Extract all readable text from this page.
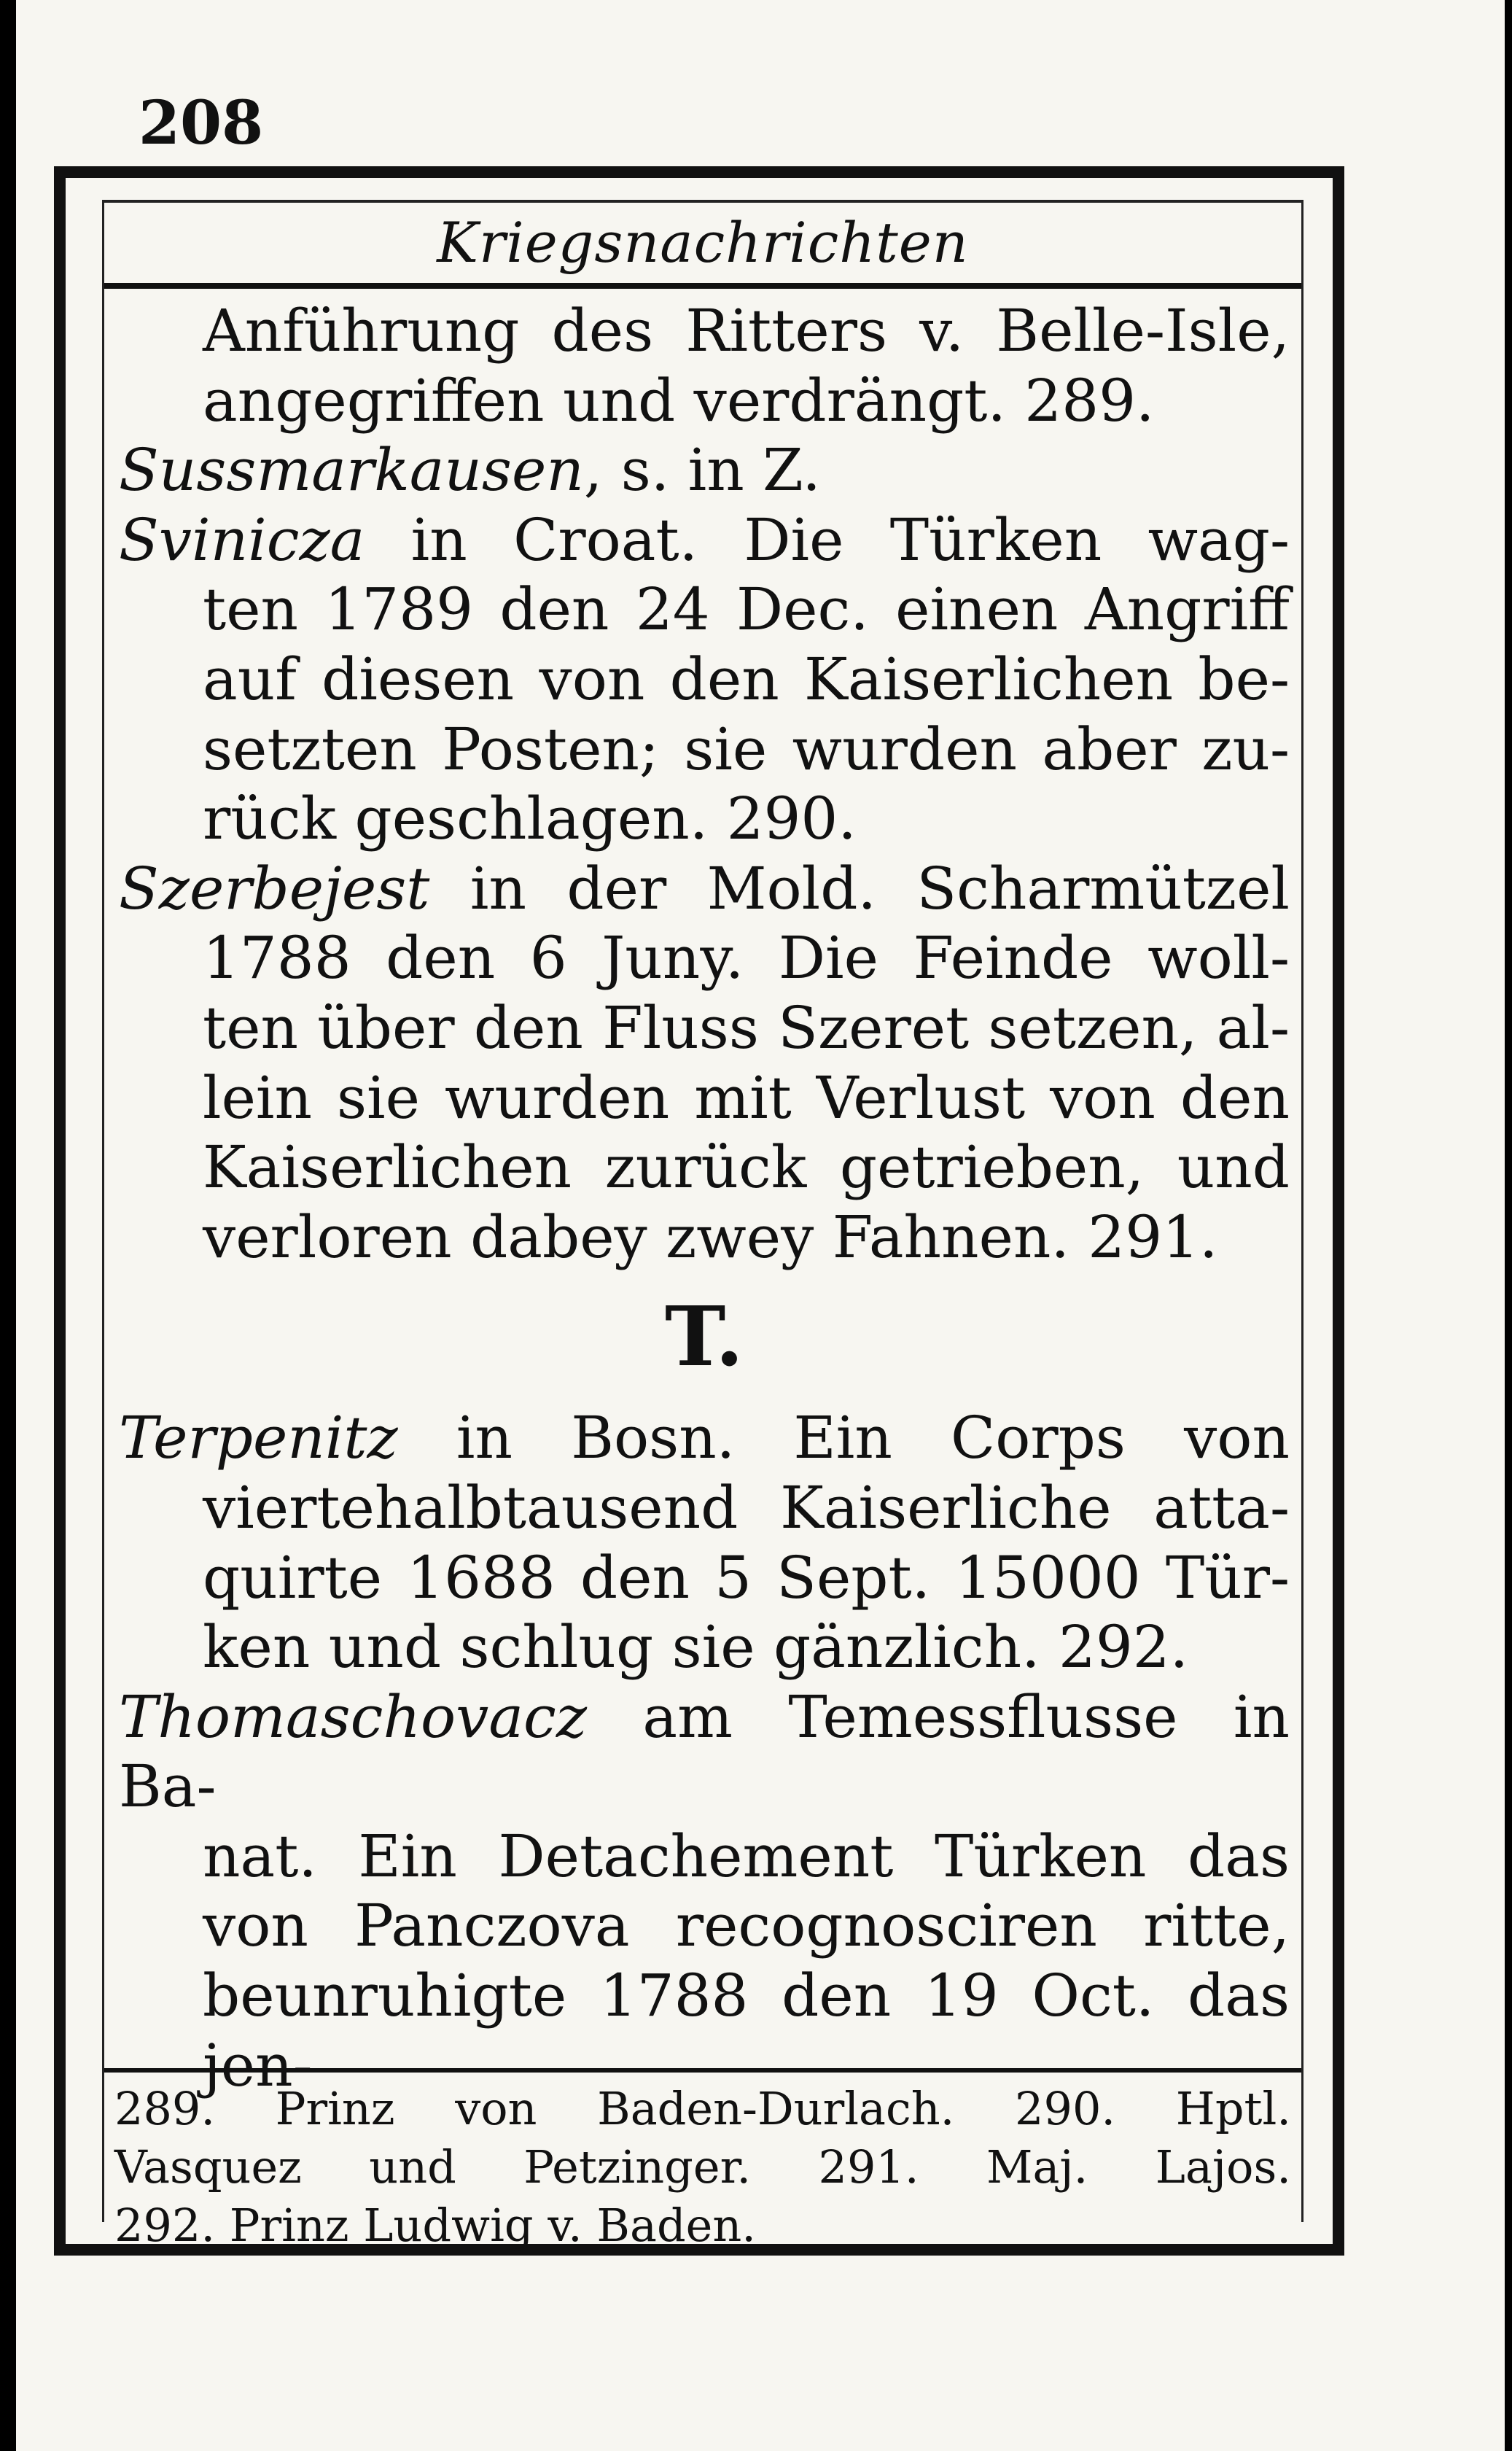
208
Kriegsnachrichten

Anführung des Ritters v. Belle-Isle,
angegriffen und verdrängt. 289.

Sussmarkausen, s. in Z.

Sviniczа in Croat. Die Türken wag-
ten 1789 den 24 Dec. einen Angriff
auf diesen von den Kaiserlichen be-
setzten Posten; sie wurden aber zu-
rück geschlagen. 290.

Szerbejest in der Mold. Scharmützel
1788 den 6 Juny. Die Feinde woll-
ten über den Fluss Szeret setzen, al-
lein sie wurden mit Verlust von den
Kaiserlichen zurück getrieben, und
verloren dabey zwey Fahnen. 291.

T.

Terpenitz in Bosn. Ein Corps von
viertehalbtausend Kaiserliche atta-
quirte 1688 den 5 Sept. 15000 Tür-
ken und schlug sie gänzlich. 292.

Thomaschovacz am Temessflusse in Ba-
nat. Ein Detachement Türken das
von Panczova recognosciren ritte,
beunruhigte 1788 den 19 Oct. das jen-

289. Prinz von Baden-Durlach. 290. Hptl.
Vasquez und Petzinger. 291. Maj. Lajos.
292. Prinz Ludwig v. Baden.
